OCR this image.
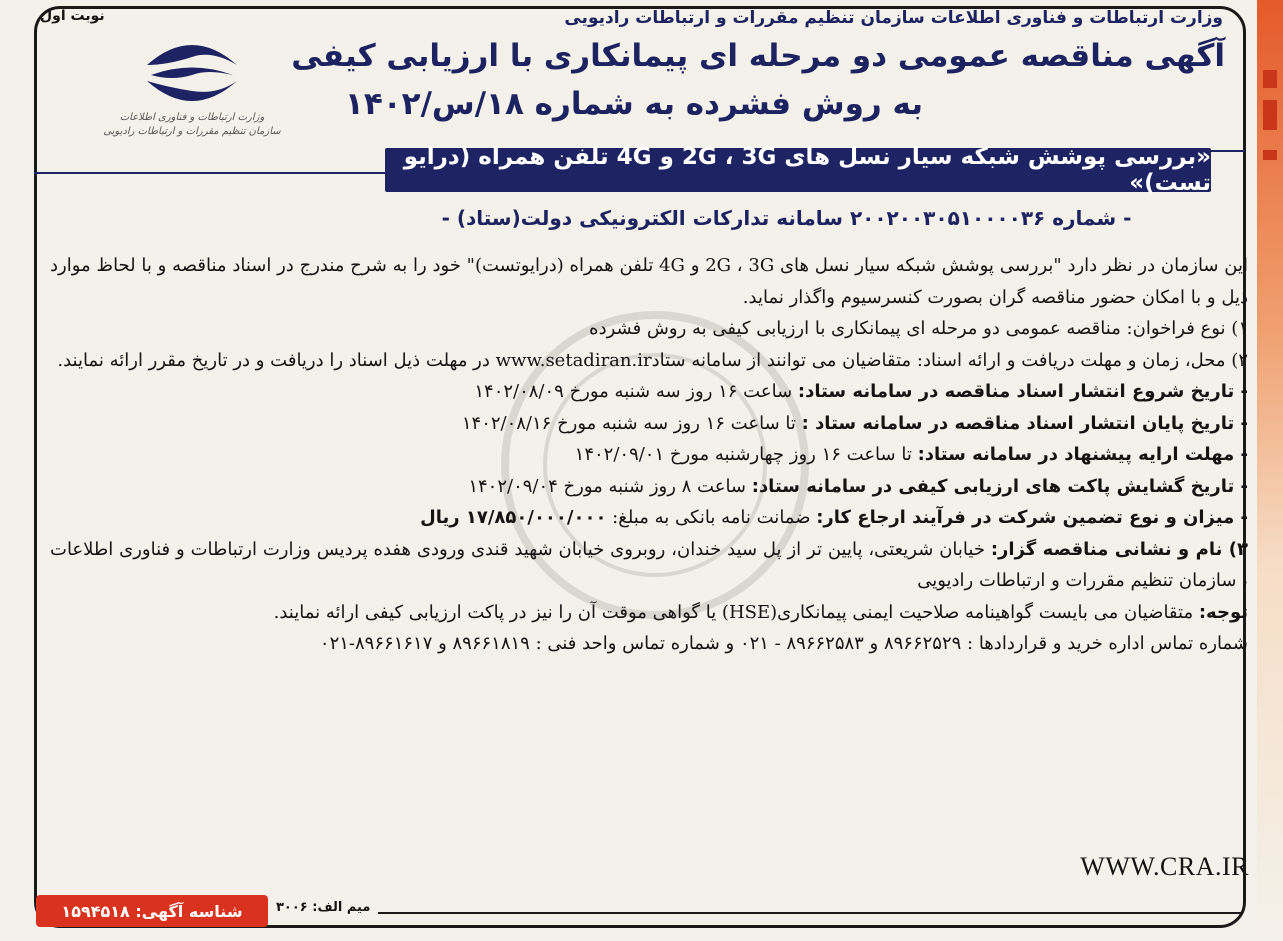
نوبت اول
وزارت ارتباطات و فناوری اطلاعات
سازمان تنظیم مقررات و ارتباطات رادیویی
وزارت ارتباطات و فناوری اطلاعات سازمان تنظیم مقررات و ارتباطات رادیویی
آگهی مناقصه عمومی دو مرحله ای پیمانکاری با ارزیابی کیفی
به روش فشرده به شماره ۱۸/س/۱۴۰۲
«بررسی پوشش شبکه سیار نسل های 2G ، 3G و 4G تلفن همراه (درایو تست)»
- شماره ۲۰۰۲۰۰۳۰۵۱۰۰۰۰۳۶ سامانه تدارکات الکترونیکی دولت(ستاد) -

این سازمان در نظر دارد "بررسی پوشش شبکه سیار نسل های 2G ، 3G و 4G تلفن همراه (درایوتست)" خود را به شرح مندرج در اسناد مناقصه و با لحاظ موارد ذیل و با امکان حضور مناقصه گران بصورت کنسرسیوم واگذار نماید.

۱) نوع فراخوان: مناقصه عمومی دو مرحله ای پیمانکاری با ارزیابی کیفی به روش فشرده

۲) محل، زمان و مهلت دریافت و ارائه اسناد: متقاضیان می توانند از سامانه ستادwww.setadiran.ir در مهلت ذیل اسناد را دریافت و در تاریخ مقرر ارائه نمایند.

- تاریخ شروع انتشار اسناد مناقصه در سامانه ستاد: ساعت ۱۶ روز سه شنبه مورخ ۱۴۰۲/۰۸/۰۹

- تاریخ پایان انتشار اسناد مناقصه در سامانه ستاد : تا ساعت ۱۶ روز سه شنبه مورخ ۱۴۰۲/۰۸/۱۶

- مهلت ارایه پیشنهاد در سامانه ستاد: تا ساعت ۱۶ روز چهارشنبه مورخ ۱۴۰۲/۰۹/۰۱

- تاریخ گشایش پاکت های ارزیابی کیفی در سامانه ستاد: ساعت ۸ روز شنبه مورخ ۱۴۰۲/۰۹/۰۴

- میزان و نوع تضمین شرکت در فرآیند ارجاع کار: ضمانت نامه بانکی به مبلغ: ۱۷/۸۵۰/۰۰۰/۰۰۰ ریال

۳) نام و نشانی مناقصه گزار: خیابان شریعتی، پایین تر از پل سید خندان، روبروی خیابان شهید قندی ورودی هفده پردیس وزارت ارتباطات و فناوری اطلاعات ، سازمان تنظیم مقررات و ارتباطات رادیویی

توجه: متقاضیان می بایست گواهینامه صلاحیت ایمنی پیمانکاری(HSE) یا گواهی موقت آن را نیز در پاکت ارزیابی کیفی ارائه نمایند.

شماره تماس اداره خرید و قراردادها : ۸۹۶۶۲۵۲۹ و ۸۹۶۶۲۵۸۳ - ۰۲۱ و شماره تماس واحد فنی : ۸۹۶۶۱۸۱۹ و ۸۹۶۶۱۶۱۷-۰۲۱

WWW.CRA.IR
میم الف: ۳۰۰۶
شناسه آگهی: ۱۵۹۴۵۱۸
